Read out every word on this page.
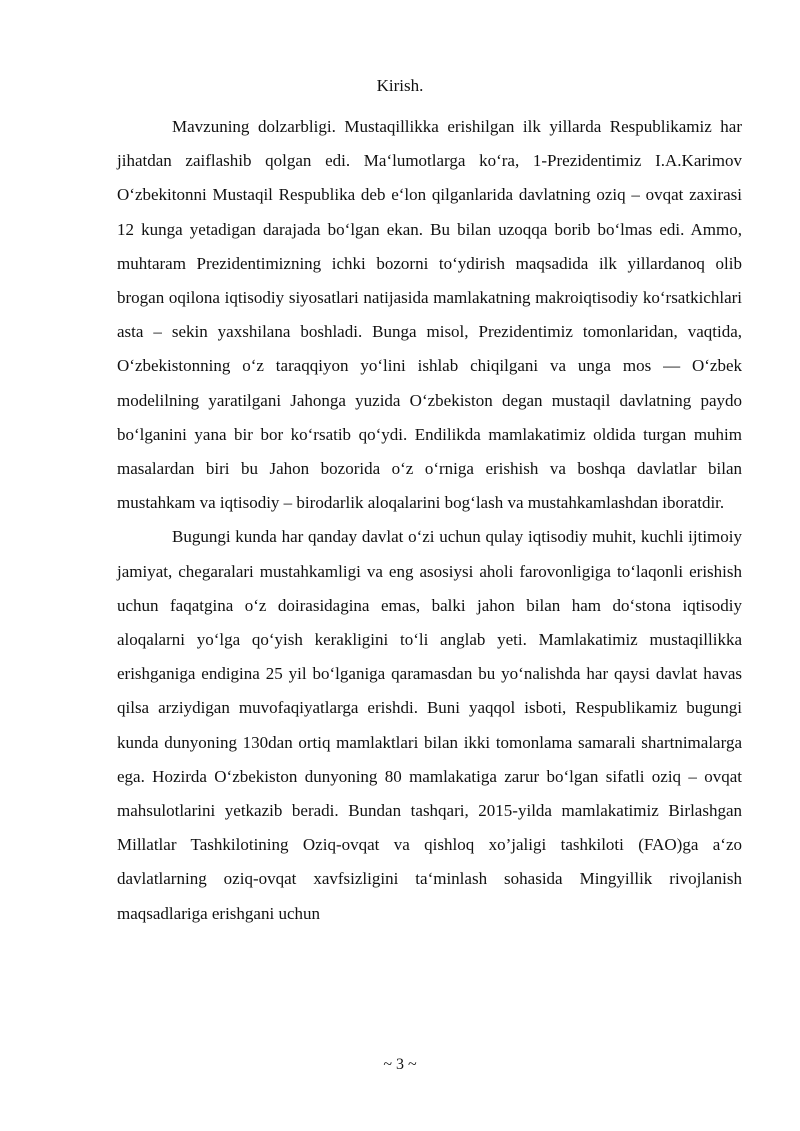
Kirish.

Mavzuning dolzarbligi. Mustaqillikka erishilgan ilk yillarda Respublikamiz har jihatdan zaiflashib qolgan edi. Ma‘lumotlarga ko‘ra, 1-Prezidentimiz I.A.Karimov O‘zbekitonni Mustaqil Respublika deb e‘lon qilganlarida davlatning oziq – ovqat zaxirasi 12 kunga yetadigan darajada bo‘lgan ekan. Bu bilan uzoqqa borib bo‘lmas edi. Ammo, muhtaram Prezidentimizning ichki bozorni to‘ydirish maqsadida ilk yillardanoq olib brogan oqilona iqtisodiy siyosatlari natijasida mamlakatning makroiqtisodiy ko‘rsatkichlari asta – sekin yaxshilana boshladi. Bunga misol, Prezidentimiz tomonlaridan, vaqtida, O‘zbekistonning o‘z taraqqiyon yo‘lini ishlab chiqilgani va unga mos — O‘zbek modelilning yaratilgani Jahonga yuzida O‘zbekiston degan mustaqil davlatning paydo bo‘lganini yana bir bor ko‘rsatib qo‘ydi. Endilikda mamlakatimiz oldida turgan muhim masalardan biri bu Jahon bozorida o‘z o‘rniga erishish va boshqa davlatlar bilan mustahkam va iqtisodiy – birodarlik aloqalarini bog‘lash va mustahkamlashdan iboratdir.

Bugungi kunda har qanday davlat o‘zi uchun qulay iqtisodiy muhit, kuchli ijtimoiy jamiyat, chegaralari mustahkamligi va eng asosiysi aholi farovonligiga to‘laqonli erishish uchun faqatgina o‘z doirasidagina emas, balki jahon bilan ham do‘stona iqtisodiy aloqalarni yo‘lga qo‘yish kerakligini to‘li anglab yeti. Mamlakatimiz mustaqillikka erishganiga endigina 25 yil bo‘lganiga qaramasdan bu yo‘nalishda har qaysi davlat havas qilsa arziydigan muvofaqiyatlarga erishdi. Buni yaqqol isboti, Respublikamiz bugungi kunda dunyoning 130dan ortiq mamlaktlari bilan ikki tomonlama samarali shartnimalarga ega. Hozirda O‘zbekiston dunyoning 80 mamlakatiga zarur bo‘lgan sifatli oziq – ovqat mahsulotlarini yetkazib beradi. Bundan tashqari, 2015-yilda mamlakatimiz Birlashgan Millatlar Tashkilotining Oziq-ovqat va qishloq xo’jaligi tashkiloti (FAO)ga a‘zo davlatlarning oziq-ovqat xavfsizligini ta‘minlash sohasida Mingyillik rivojlanish maqsadlariga erishgani uchun

~ 3 ~
